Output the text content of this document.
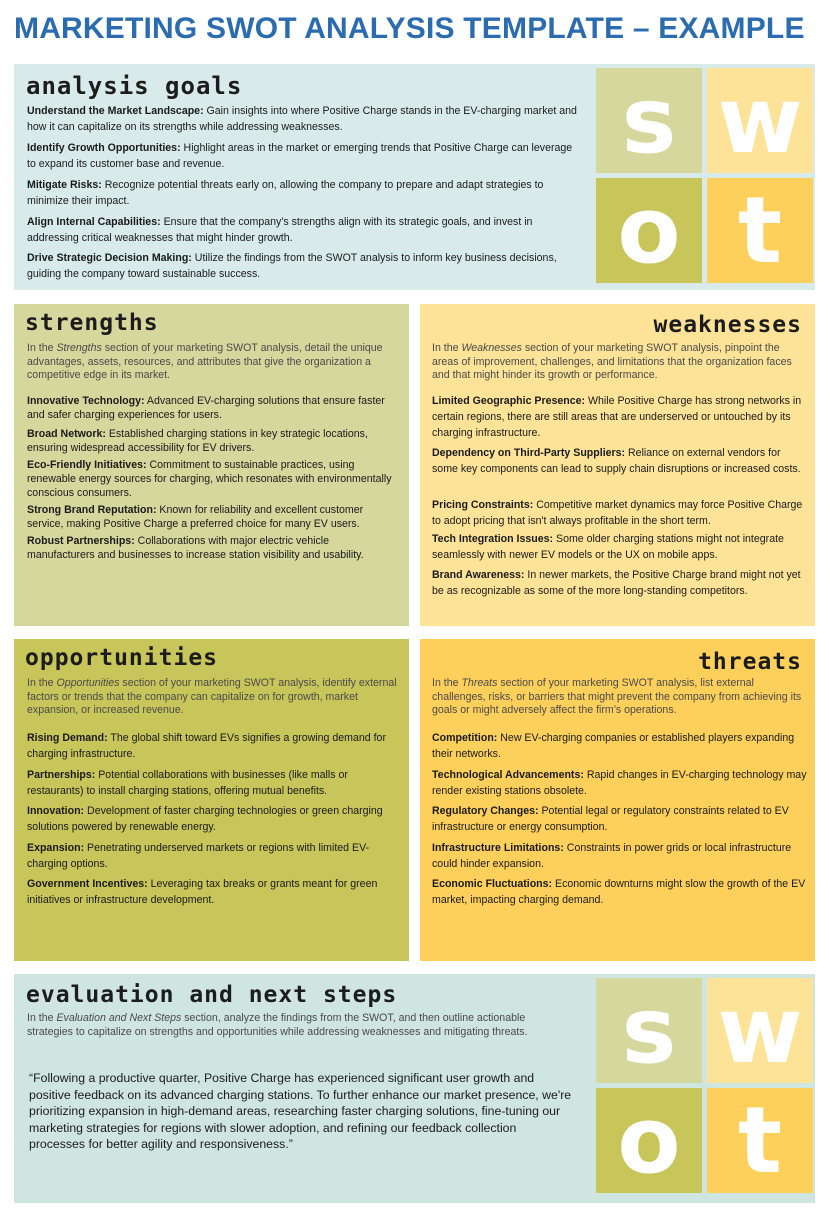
MARKETING SWOT ANALYSIS TEMPLATE – EXAMPLE
analysis goals
Understand the Market Landscape: Gain insights into where Positive Charge stands in the EV-charging market and how it can capitalize on its strengths while addressing weaknesses.
Identify Growth Opportunities: Highlight areas in the market or emerging trends that Positive Charge can leverage to expand its customer base and revenue.
Mitigate Risks: Recognize potential threats early on, allowing the company to prepare and adapt strategies to minimize their impact.
Align Internal Capabilities: Ensure that the company's strengths align with its strategic goals, and invest in addressing critical weaknesses that might hinder growth.
Drive Strategic Decision Making: Utilize the findings from the SWOT analysis to inform key business decisions, guiding the company toward sustainable success.
s w
o t
strengths
In the Strengths section of your marketing SWOT analysis, detail the unique advantages, assets, resources, and attributes that give the organization a competitive edge in its market.
Innovative Technology: Advanced EV-charging solutions that ensure faster and safer charging experiences for users.
Broad Network: Established charging stations in key strategic locations, ensuring widespread accessibility for EV drivers.
Eco-Friendly Initiatives: Commitment to sustainable practices, using renewable energy sources for charging, which resonates with environmentally conscious consumers.
Strong Brand Reputation: Known for reliability and excellent customer service, making Positive Charge a preferred choice for many EV users.
Robust Partnerships: Collaborations with major electric vehicle manufacturers and businesses to increase station visibility and usability.
weaknesses
In the Weaknesses section of your marketing SWOT analysis, pinpoint the areas of improvement, challenges, and limitations that the organization faces and that might hinder its growth or performance.
Limited Geographic Presence: While Positive Charge has strong networks in certain regions, there are still areas that are underserved or untouched by its charging infrastructure.
Dependency on Third-Party Suppliers: Reliance on external vendors for some key components can lead to supply chain disruptions or increased costs.
Pricing Constraints: Competitive market dynamics may force Positive Charge to adopt pricing that isn't always profitable in the short term.
Tech Integration Issues: Some older charging stations might not integrate seamlessly with newer EV models or the UX on mobile apps.
Brand Awareness: In newer markets, the Positive Charge brand might not yet be as recognizable as some of the more long-standing competitors.
opportunities
In the Opportunities section of your marketing SWOT analysis, identify external factors or trends that the company can capitalize on for growth, market expansion, or increased revenue.
Rising Demand: The global shift toward EVs signifies a growing demand for charging infrastructure.
Partnerships: Potential collaborations with businesses (like malls or restaurants) to install charging stations, offering mutual benefits.
Innovation: Development of faster charging technologies or green charging solutions powered by renewable energy.
Expansion: Penetrating underserved markets or regions with limited EV-charging options.
Government Incentives: Leveraging tax breaks or grants meant for green initiatives or infrastructure development.
threats
In the Threats section of your marketing SWOT analysis, list external challenges, risks, or barriers that might prevent the company from achieving its goals or might adversely affect the firm’s operations.
Competition: New EV-charging companies or established players expanding their networks.
Technological Advancements: Rapid changes in EV-charging technology may render existing stations obsolete.
Regulatory Changes: Potential legal or regulatory constraints related to EV infrastructure or energy consumption.
Infrastructure Limitations: Constraints in power grids or local infrastructure could hinder expansion.
Economic Fluctuations: Economic downturns might slow the growth of the EV market, impacting charging demand.
evaluation and next steps
In the Evaluation and Next Steps section, analyze the findings from the SWOT, and then outline actionable strategies to capitalize on strengths and opportunities while addressing weaknesses and mitigating threats.
“Following a productive quarter, Positive Charge has experienced significant user growth and positive feedback on its advanced charging stations. To further enhance our market presence, we're prioritizing expansion in high-demand areas, researching faster charging solutions, fine-tuning our marketing strategies for regions with slower adoption, and refining our feedback collection processes for better agility and responsiveness.”
s w
o t
